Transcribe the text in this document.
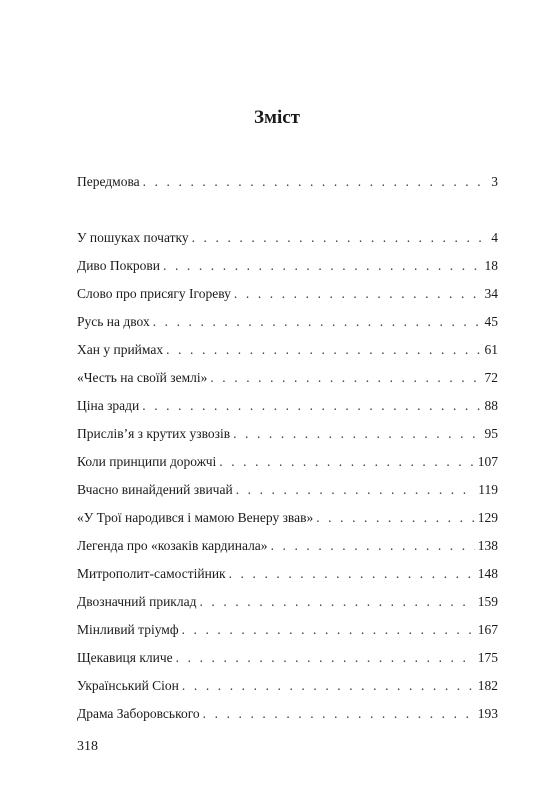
Зміст
Передмова . . .	3
У пошуках початку . . .	4
Диво Покрови . . .	18
Слово про присягу Ігореву . . .	34
Русь на двох . . .	45
Хан у приймах . . .	61
«Честь на своїй землі» . . .	72
Ціна зради . . .	88
Прислів’я з крутих узвозів . . .	95
Коли принципи дорожчі . . .	107
Вчасно винайдений звичай . . .	119
«У Трої народився і мамою Венеру звав» . . .	129
Легенда про «козаків кардинала» . . .	138
Митрополит-самостійник . . .	148
Двозначний приклад . . .	159
Мінливий тріумф . . .	167
Щекавиця кличе . . .	175
Український Сіон . . .	182
Драма Заборовського . . .	193
318
